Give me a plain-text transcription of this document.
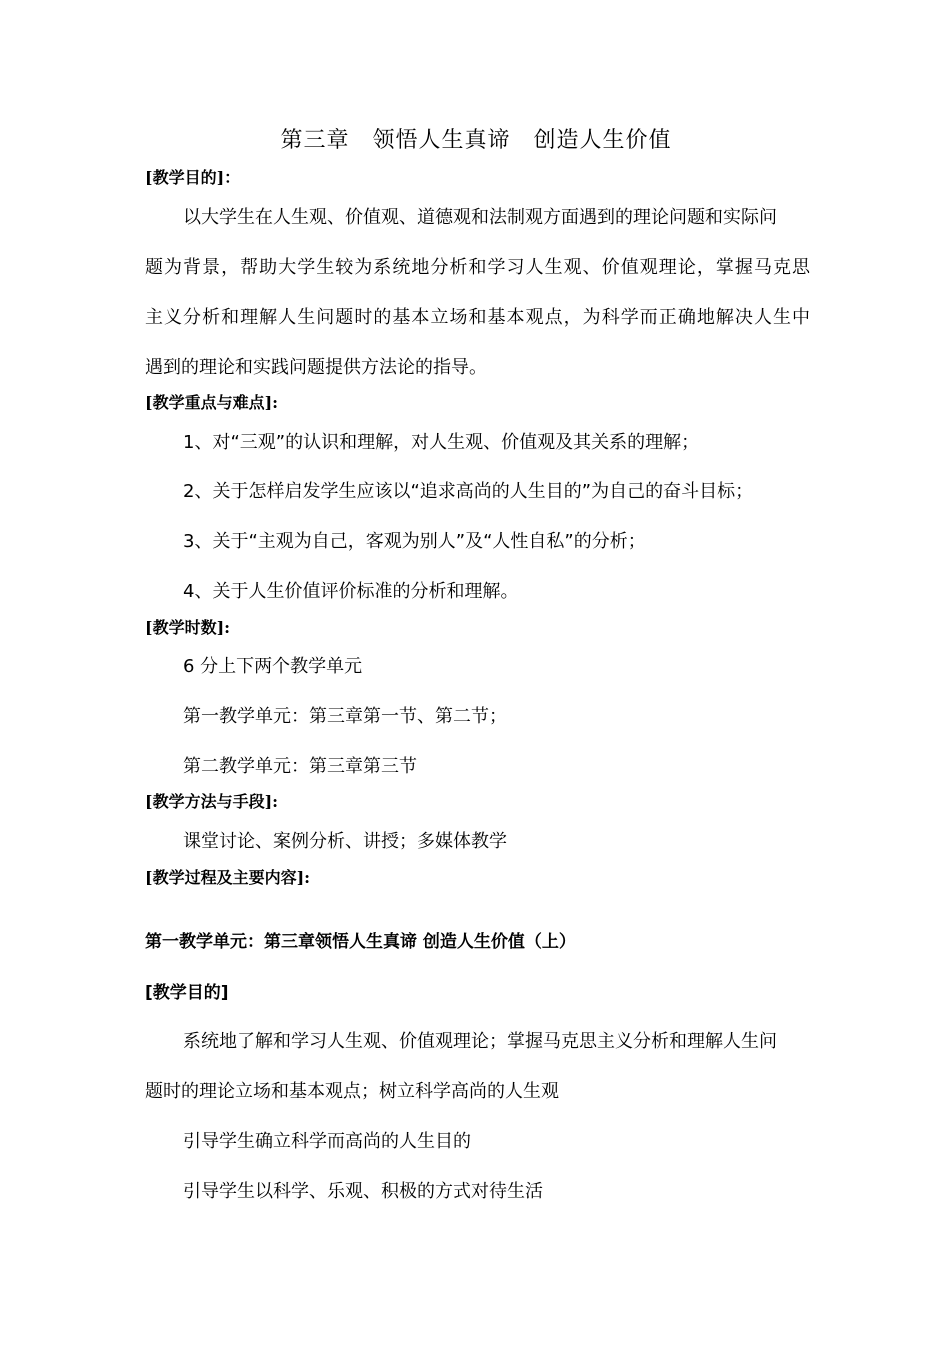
第三章　领悟人生真谛　创造人生价值
[教学目的]：
以大学生在人生观、价值观、道德观和法制观方面遇到的理论问题和实际问
题为背景，帮助大学生较为系统地分析和学习人生观、价值观理论，掌握马克思
主义分析和理解人生问题时的基本立场和基本观点，为科学而正确地解决人生中
遇到的理论和实践问题提供方法论的指导。
[教学重点与难点]:
1、对“三观”的认识和理解，对人生观、价值观及其关系的理解；
2、关于怎样启发学生应该以“追求高尚的人生目的”为自己的奋斗目标；
3、关于“主观为自己，客观为别人”及“人性自私”的分析；
4、关于人生价值评价标准的分析和理解。
[教学时数]:
6 分上下两个教学单元
第一教学单元：第三章第一节、第二节；
第二教学单元：第三章第三节
[教学方法与手段]:
课堂讨论、案例分析、讲授；多媒体教学
[教学过程及主要内容]:
第一教学单元：第三章领悟人生真谛 创造人生价值（上）
[教学目的]
系统地了解和学习人生观、价值观理论；掌握马克思主义分析和理解人生问
题时的理论立场和基本观点；树立科学高尚的人生观
引导学生确立科学而高尚的人生目的
引导学生以科学、乐观、积极的方式对待生活
